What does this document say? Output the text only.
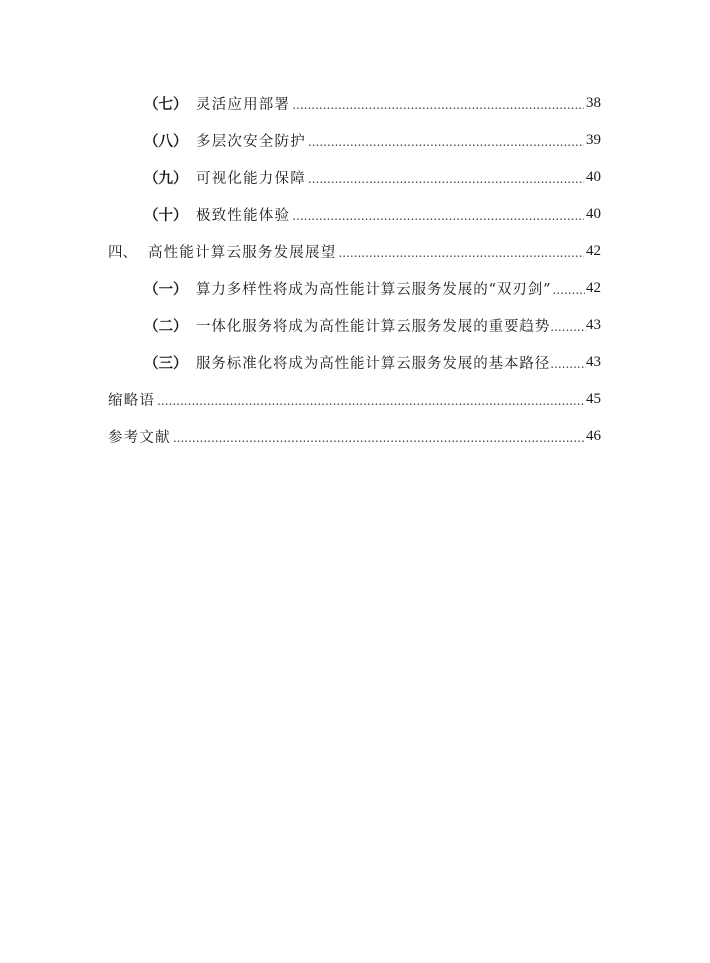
（七） 灵活应用部署 .....	38
（八） 多层次安全防护 .....	39
（九） 可视化能力保障 .....	40
（十） 极致性能体验 .....	40
四、 高性能计算云服务发展展望 .....	42
（一） 算力多样性将成为高性能计算云服务发展的“双刃剑” ..... 42
（二） 一体化服务将成为高性能计算云服务发展的重要趋势 ..... 43
（三） 服务标准化将成为高性能计算云服务发展的基本路径 ..... 43
缩略语 .....	45
参考文献 .....	46
